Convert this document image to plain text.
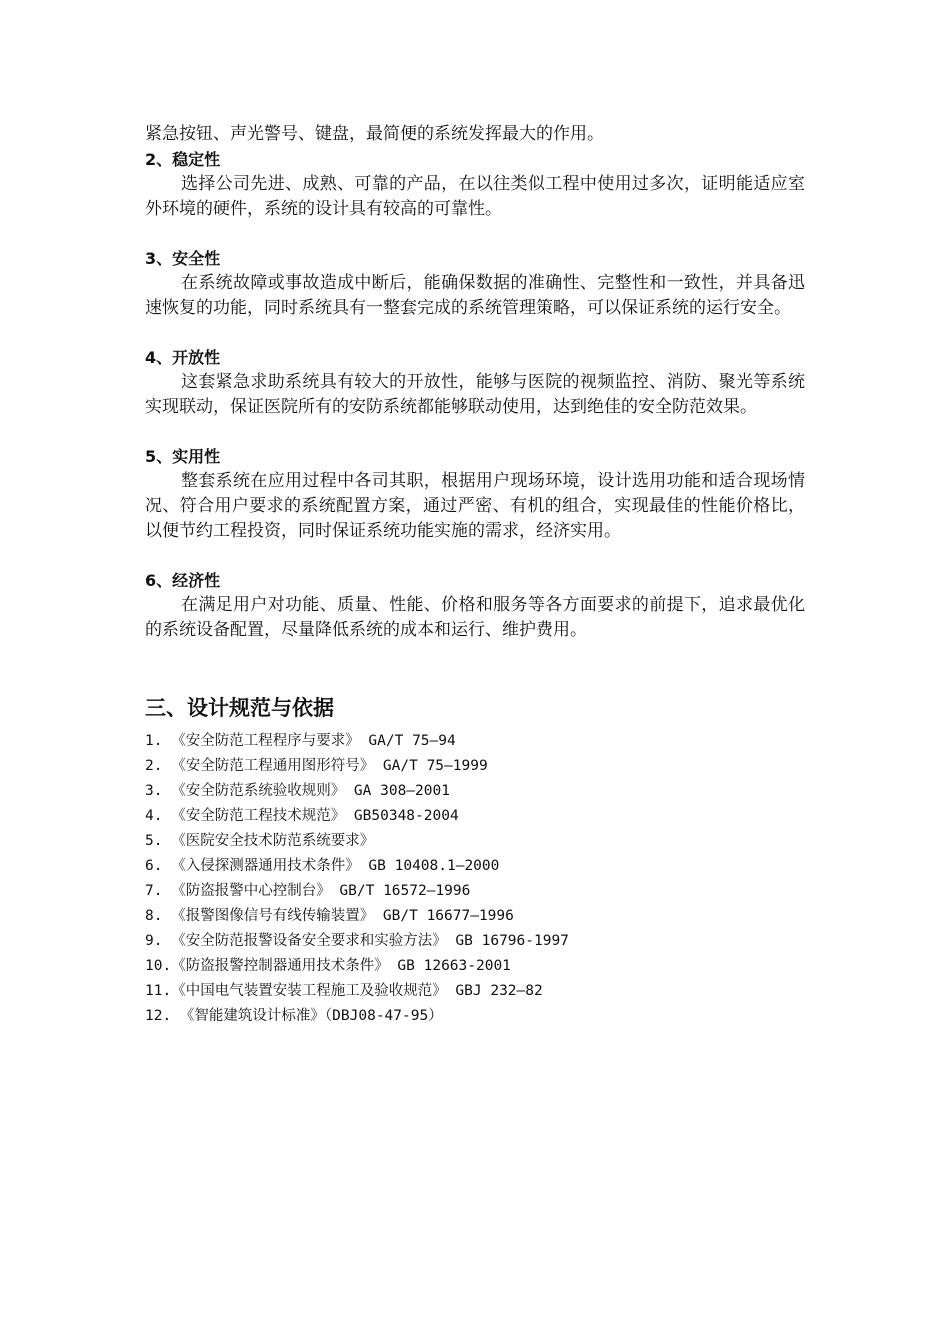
紧急按钮、声光警号、键盘，最简便的系统发挥最大的作用。

2、稳定性

选择公司先进、成熟、可靠的产品，在以往类似工程中使用过多次，证明能适应室外环境的硬件，系统的设计具有较高的可靠性。

3、安全性

在系统故障或事故造成中断后，能确保数据的准确性、完整性和一致性，并具备迅速恢复的功能，同时系统具有一整套完成的系统管理策略，可以保证系统的运行安全。

4、开放性

这套紧急求助系统具有较大的开放性，能够与医院的视频监控、消防、聚光等系统实现联动，保证医院所有的安防系统都能够联动使用，达到绝佳的安全防范效果。

5、实用性

整套系统在应用过程中各司其职，根据用户现场环境，设计选用功能和适合现场情况、符合用户要求的系统配置方案，通过严密、有机的组合，实现最佳的性能价格比，以便节约工程投资，同时保证系统功能实施的需求，经济实用。

6、经济性

在满足用户对功能、质量、性能、价格和服务等各方面要求的前提下，追求最优化的系统设备配置，尽量降低系统的成本和运行、维护费用。

三、设计规范与依据
1. 《安全防范工程程序与要求》 GA/T 75—94
2. 《安全防范工程通用图形符号》 GA/T 75—1999
3. 《安全防范系统验收规则》 GA 308—2001
4. 《安全防范工程技术规范》 GB50348-2004
5. 《医院安全技术防范系统要求》
6. 《入侵探测器通用技术条件》 GB 10408.1—2000
7. 《防盗报警中心控制台》 GB/T 16572—1996
8. 《报警图像信号有线传输装置》 GB/T 16677—1996
9. 《安全防范报警设备安全要求和实验方法》 GB 16796-1997
10.《防盗报警控制器通用技术条件》 GB 12663-2001
11.《中国电气装置安装工程施工及验收规范》 GBJ 232—82
12. 《智能建筑设计标准》（DBJ08-47-95）
